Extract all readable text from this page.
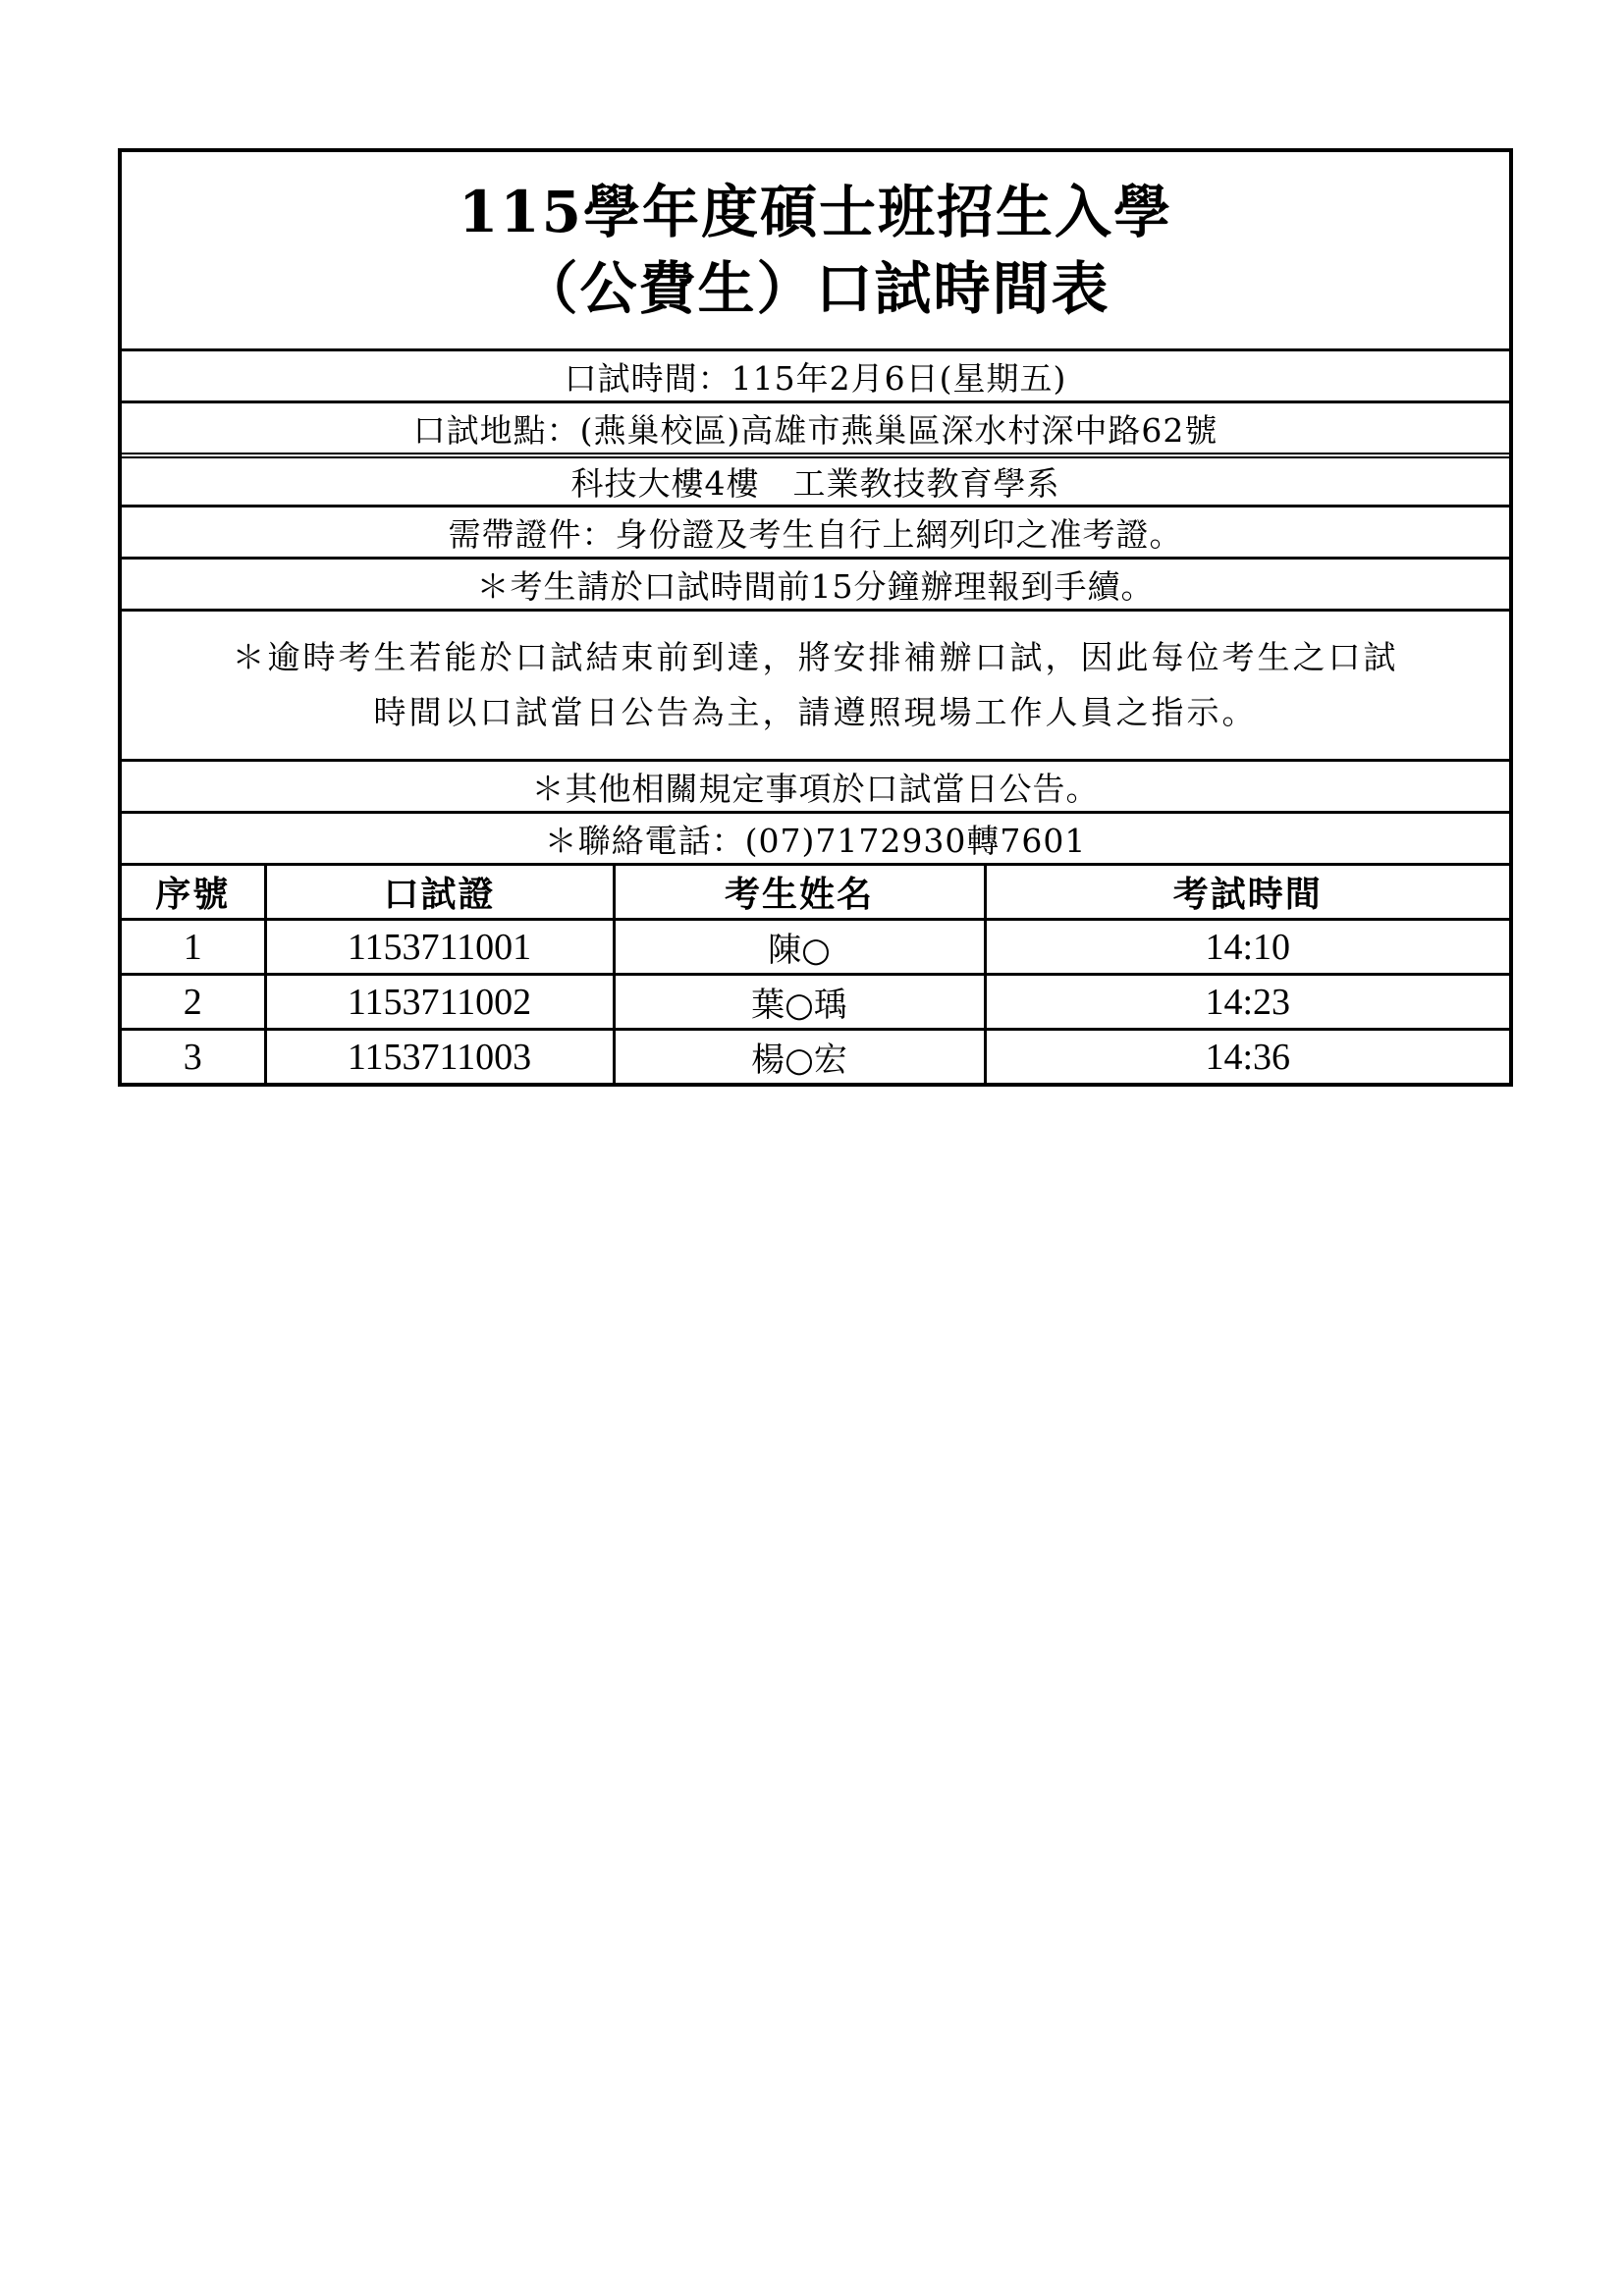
115學年度碩士班招生入學
（公費生）口試時間表
口試時間：115年2月6日(星期五)
口試地點：(燕巢校區)高雄市燕巢區深水村深中路62號
科技大樓4樓　工業教技教育學系
需帶證件：身份證及考生自行上網列印之准考證。
＊考生請於口試時間前15分鐘辦理報到手續。
＊逾時考生若能於口試結束前到達，將安排補辦口試，因此每位考生之口試
時間以口試當日公告為主，請遵照現場工作人員之指示。
＊其他相關規定事項於口試當日公告。
＊聯絡電話：(07)7172930轉7601
序號	口試證	考生姓名	考試時間
1	1153711001	陳○	14:10
2	1153711002	葉○瑀	14:23
3	1153711003	楊○宏	14:36
